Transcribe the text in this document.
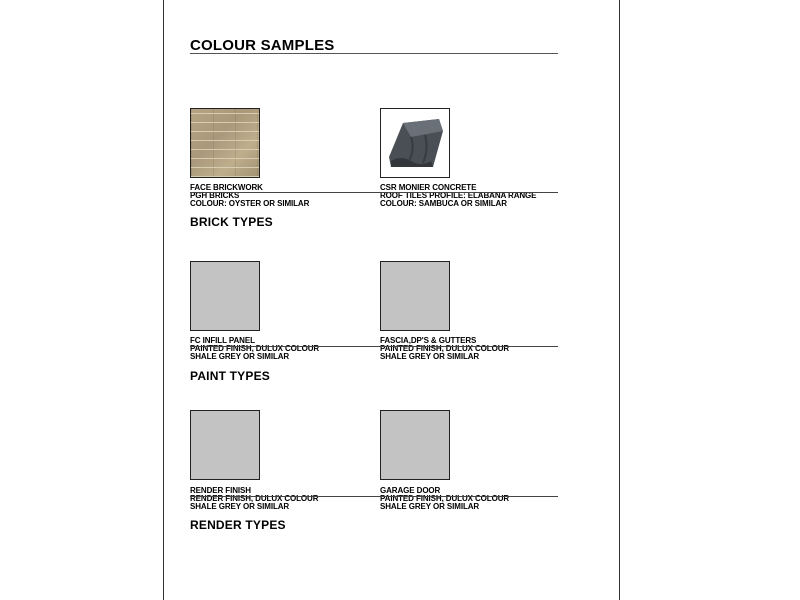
COLOUR SAMPLES
FACE BRICKWORK
PGH BRICKS
COLOUR: OYSTER OR SIMILAR
CSR MONIER CONCRETE
ROOF TILES PROFILE: ELABANA RANGE
COLOUR: SAMBUCA OR SIMILAR
BRICK TYPES
FC INFILL PANEL
PAINTED FINISH, DULUX COLOUR
SHALE GREY OR SIMILAR
FASCIA,DP'S & GUTTERS
PAINTED FINISH, DULUX COLOUR
SHALE GREY OR SIMILAR
PAINT TYPES
RENDER FINISH
RENDER FINISH, DULUX COLOUR
SHALE GREY OR SIMILAR
GARAGE DOOR
PAINTED FINISH, DULUX COLOUR
SHALE GREY OR SIMILAR
RENDER TYPES
